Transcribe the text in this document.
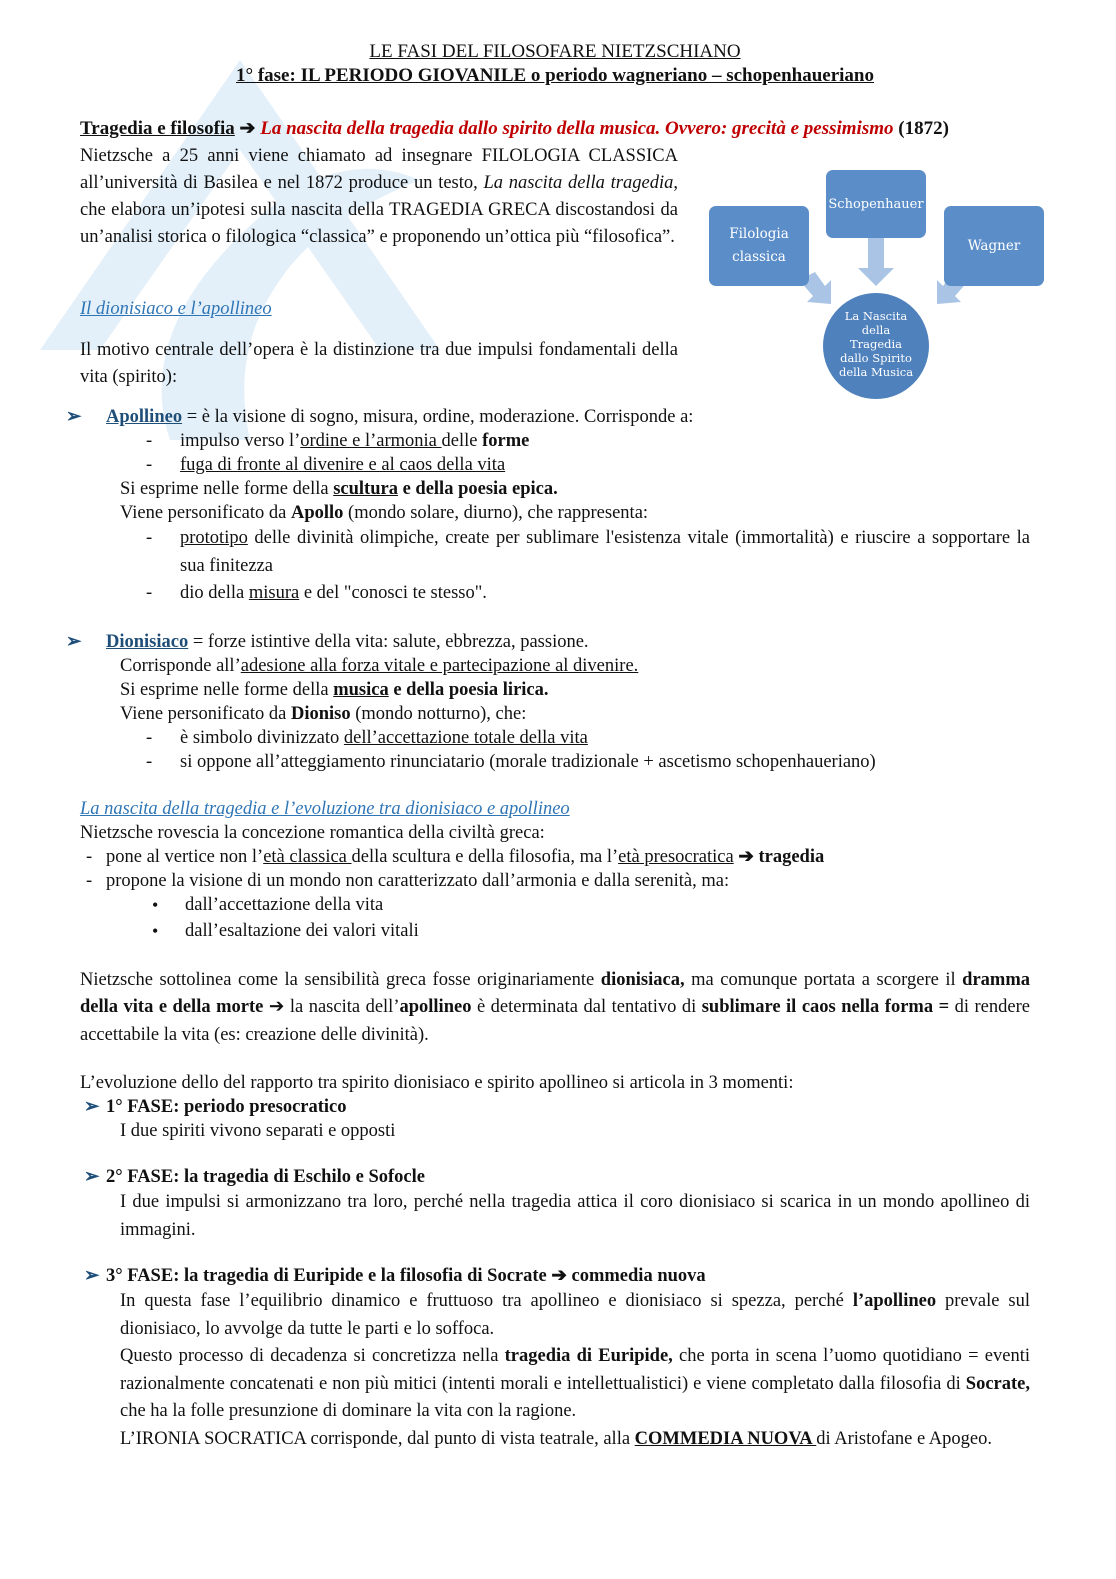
LE FASI DEL FILOSOFARE NIETZSCHIANO
1° fase: IL PERIODO GIOVANILE o periodo wagneriano – schopenhaueriano
Tragedia e filosofia ➔ La nascita della tragedia dallo spirito della musica. Ovvero: grecità e pessimismo (1872)
Nietzsche a 25 anni viene chiamato ad insegnare FILOLOGIA CLASSICA all’università di Basilea e nel 1872 produce un testo, La nascita della tragedia, che elabora un’ipotesi sulla nascita della TRAGEDIA GRECA discostandosi da un’analisi storica o filologica “classica” e proponendo un’ottica più “filosofica”.	Filologia
classica
Schopenhauer
Wagner
La Nascita
della
Tragedia
dallo Spirito
della Musica
Il dionisiaco e l’apollineo
Il motivo centrale dell’opera è la distinzione tra due impulsi fondamentali della vita (spirito):
➢ Apollineo = è la visione di sogno, misura, ordine, moderazione. Corrisponde a:
- impulso verso l’ordine e l’armonia delle forme
- fuga di fronte al divenire e al caos della vita
Si esprime nelle forme della scultura e della poesia epica.
Viene personificato da Apollo (mondo solare, diurno), che rappresenta:
- prototipo delle divinità olimpiche, create per sublimare l'esistenza vitale (immortalità) e riuscire a sopportare la sua finitezza
- dio della misura e del "conosci te stesso".
➢ Dionisiaco = forze istintive della vita: salute, ebbrezza, passione.
Corrisponde all’adesione alla forza vitale e partecipazione al divenire.
Si esprime nelle forme della musica e della poesia lirica.
Viene personificato da Dioniso (mondo notturno), che:
- è simbolo divinizzato dell’accettazione totale della vita
- si oppone all’atteggiamento rinunciatario (morale tradizionale + ascetismo schopenhaueriano)
La nascita della tragedia e l’evoluzione tra dionisiaco e apollineo
Nietzsche rovescia la concezione romantica della civiltà greca:
- pone al vertice non l’età classica della scultura e della filosofia, ma l’età presocratica ➔ tragedia
- propone la visione di un mondo non caratterizzato dall’armonia e dalla serenità, ma:
• dall’accettazione della vita
• dall’esaltazione dei valori vitali
Nietzsche sottolinea come la sensibilità greca fosse originariamente dionisiaca, ma comunque portata a scorgere il dramma della vita e della morte ➔ la nascita dell’apollineo è determinata dal tentativo di sublimare il caos nella forma = di rendere accettabile la vita (es: creazione delle divinità).
L’evoluzione dello del rapporto tra spirito dionisiaco e spirito apollineo si articola in 3 momenti:
➢ 1° FASE: periodo presocratico
I due spiriti vivono separati e opposti
➢ 2° FASE: la tragedia di Eschilo e Sofocle
I due impulsi si armonizzano tra loro, perché nella tragedia attica il coro dionisiaco si scarica in un mondo apollineo di immagini.
➢ 3° FASE: la tragedia di Euripide e la filosofia di Socrate ➔ commedia nuova
In questa fase l’equilibrio dinamico e fruttuoso tra apollineo e dionisiaco si spezza, perché l’apollineo prevale sul dionisiaco, lo avvolge da tutte le parti e lo soffoca.
Questo processo di decadenza si concretizza nella tragedia di Euripide, che porta in scena l’uomo quotidiano = eventi razionalmente concatenati e non più mitici (intenti morali e intellettualistici) e viene completato dalla filosofia di Socrate, che ha la folle presunzione di dominare la vita con la ragione.
L’IRONIA SOCRATICA corrisponde, dal punto di vista teatrale, alla COMMEDIA NUOVA di Aristofane e Apogeo.
